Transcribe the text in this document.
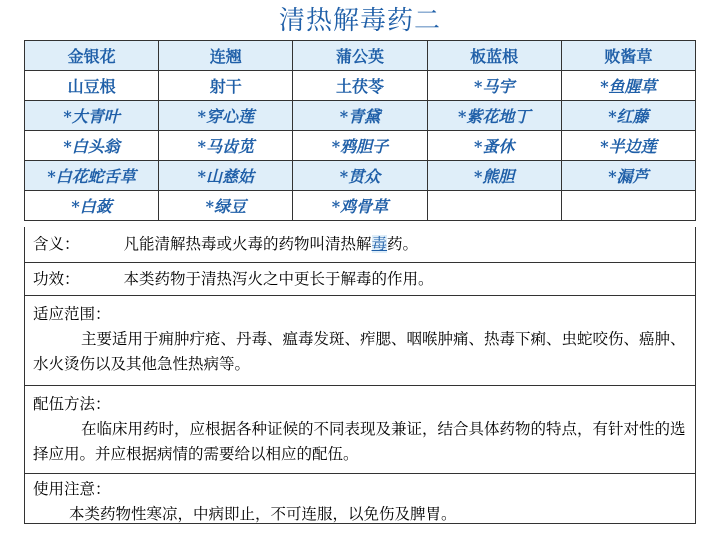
清热解毒药二
金银花	连翘	蒲公英	板蓝根	败酱草
山豆根	射干	土茯苓	*马宇	*鱼腥草
*大青叶	*穿心莲	*青黛	*紫花地丁	*红藤
*白头翁	*马齿苋	*鸦胆子	*蚤休	*半边莲
*白花蛇舌草	*山慈姑	*贯众	*熊胆	*漏芦
*白蔹	*绿豆	*鸡骨草		
含义：	凡能清解热毒或火毒的药物叫清热解毒药。
功效：	本类药物于清热泻火之中更长于解毒的作用。
适应范围：

主要适用于痈肿疔疮、丹毒、瘟毒发斑、痄腮、咽喉肿痛、热毒下痢、虫蛇咬伤、癌肿、水火烫伤以及其他急性热病等。

配伍方法：

在临床用药时，应根据各种证候的不同表现及兼证，结合具体药物的特点，有针对性的选择应用。并应根据病情的需要给以相应的配伍。

使用注意：

本类药物性寒凉，中病即止，不可连服，以免伤及脾胃。
